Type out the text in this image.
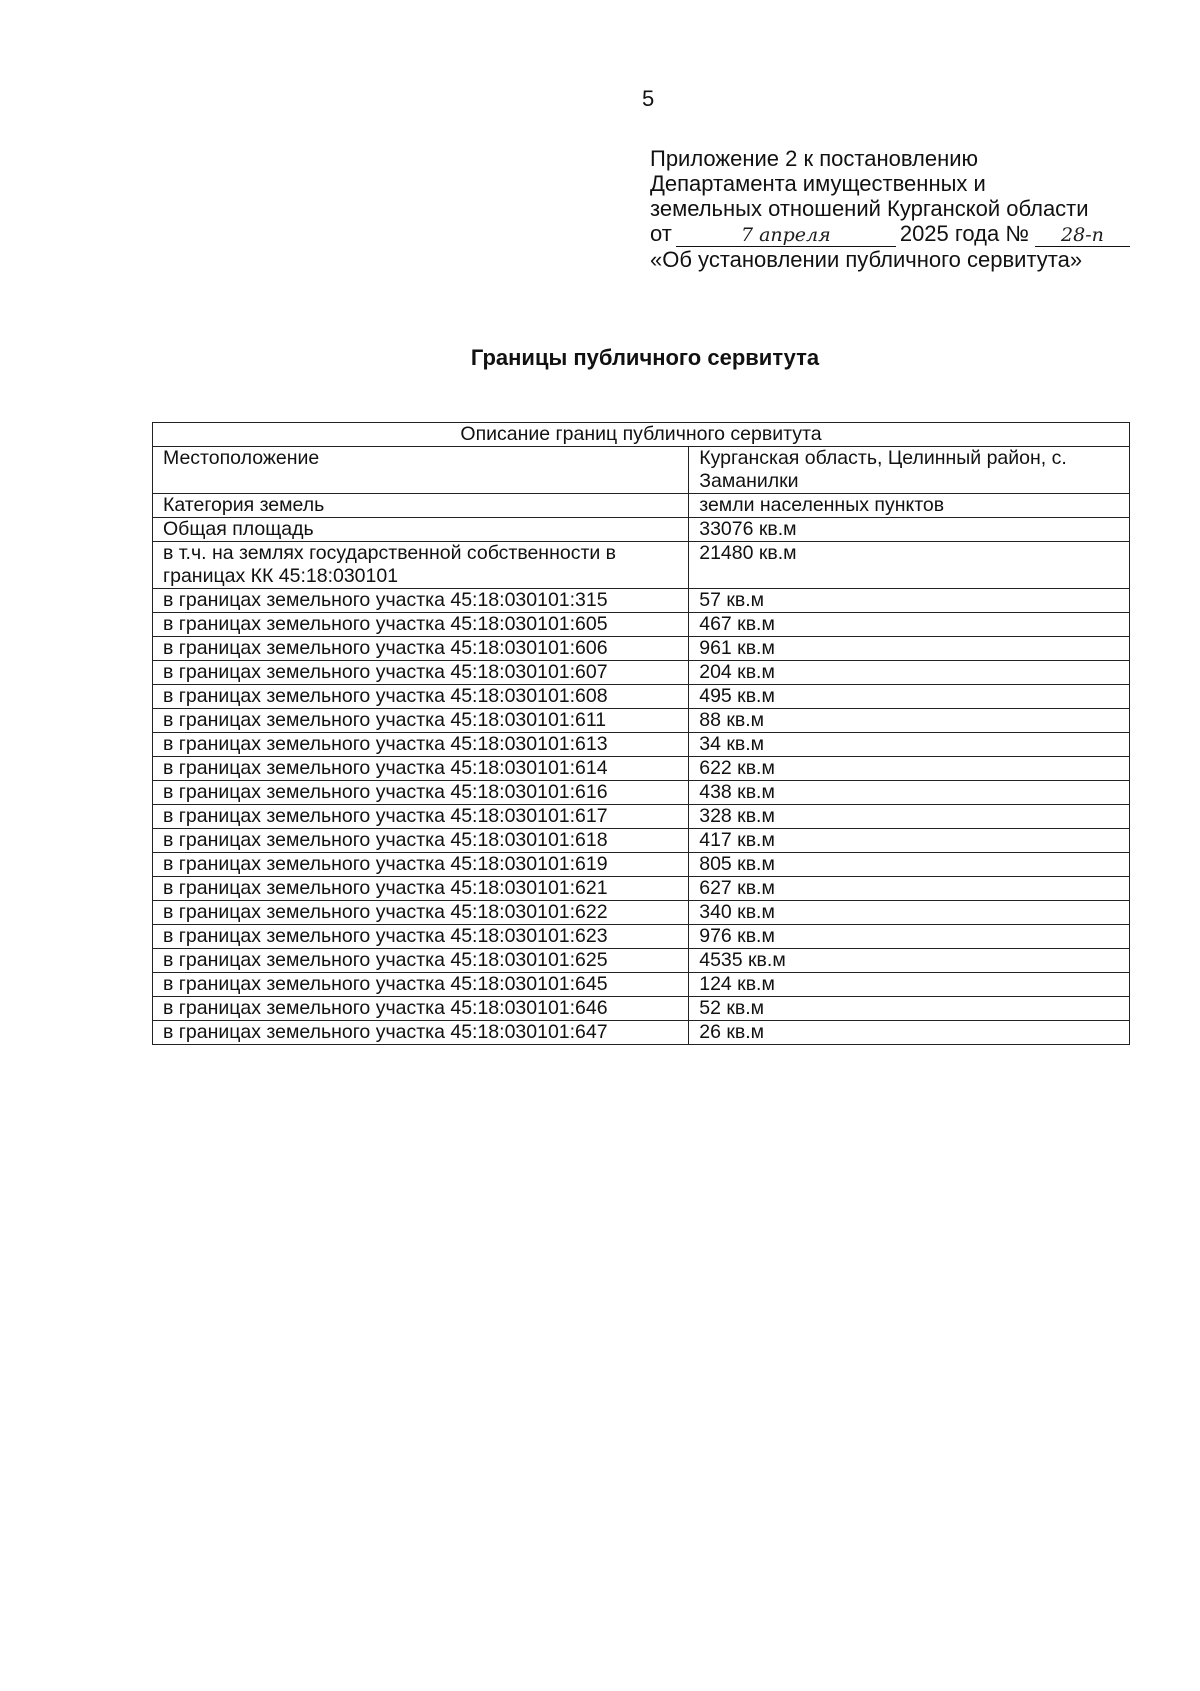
5
Приложение 2 к постановлению
Департамента имущественных и
земельных отношений Курганской области
от	7 апреля	2025 года № 28-п
«Об установлении публичного сервитута»
Границы публичного сервитута
Описание границ публичного сервитута	
Местоположение	Курганская область, Целинный район, с. Заманилки
Категория земель	земли населенных пунктов
Общая площадь	33076 кв.м
в т.ч. на землях государственной собственности в границах КК 45:18:030101	21480 кв.м
в границах земельного участка 45:18:030101:315	57 кв.м
в границах земельного участка 45:18:030101:605	467 кв.м
в границах земельного участка 45:18:030101:606	961 кв.м
в границах земельного участка 45:18:030101:607	204 кв.м
в границах земельного участка 45:18:030101:608	495 кв.м
в границах земельного участка 45:18:030101:611	88 кв.м
в границах земельного участка 45:18:030101:613	34 кв.м
в границах земельного участка 45:18:030101:614	622 кв.м
в границах земельного участка 45:18:030101:616	438 кв.м
в границах земельного участка 45:18:030101:617	328 кв.м
в границах земельного участка 45:18:030101:618	417 кв.м
в границах земельного участка 45:18:030101:619	805 кв.м
в границах земельного участка 45:18:030101:621	627 кв.м
в границах земельного участка 45:18:030101:622	340 кв.м
в границах земельного участка 45:18:030101:623	976 кв.м
в границах земельного участка 45:18:030101:625	4535 кв.м
в границах земельного участка 45:18:030101:645	124 кв.м
в границах земельного участка 45:18:030101:646	52 кв.м
в границах земельного участка 45:18:030101:647	26 кв.м
